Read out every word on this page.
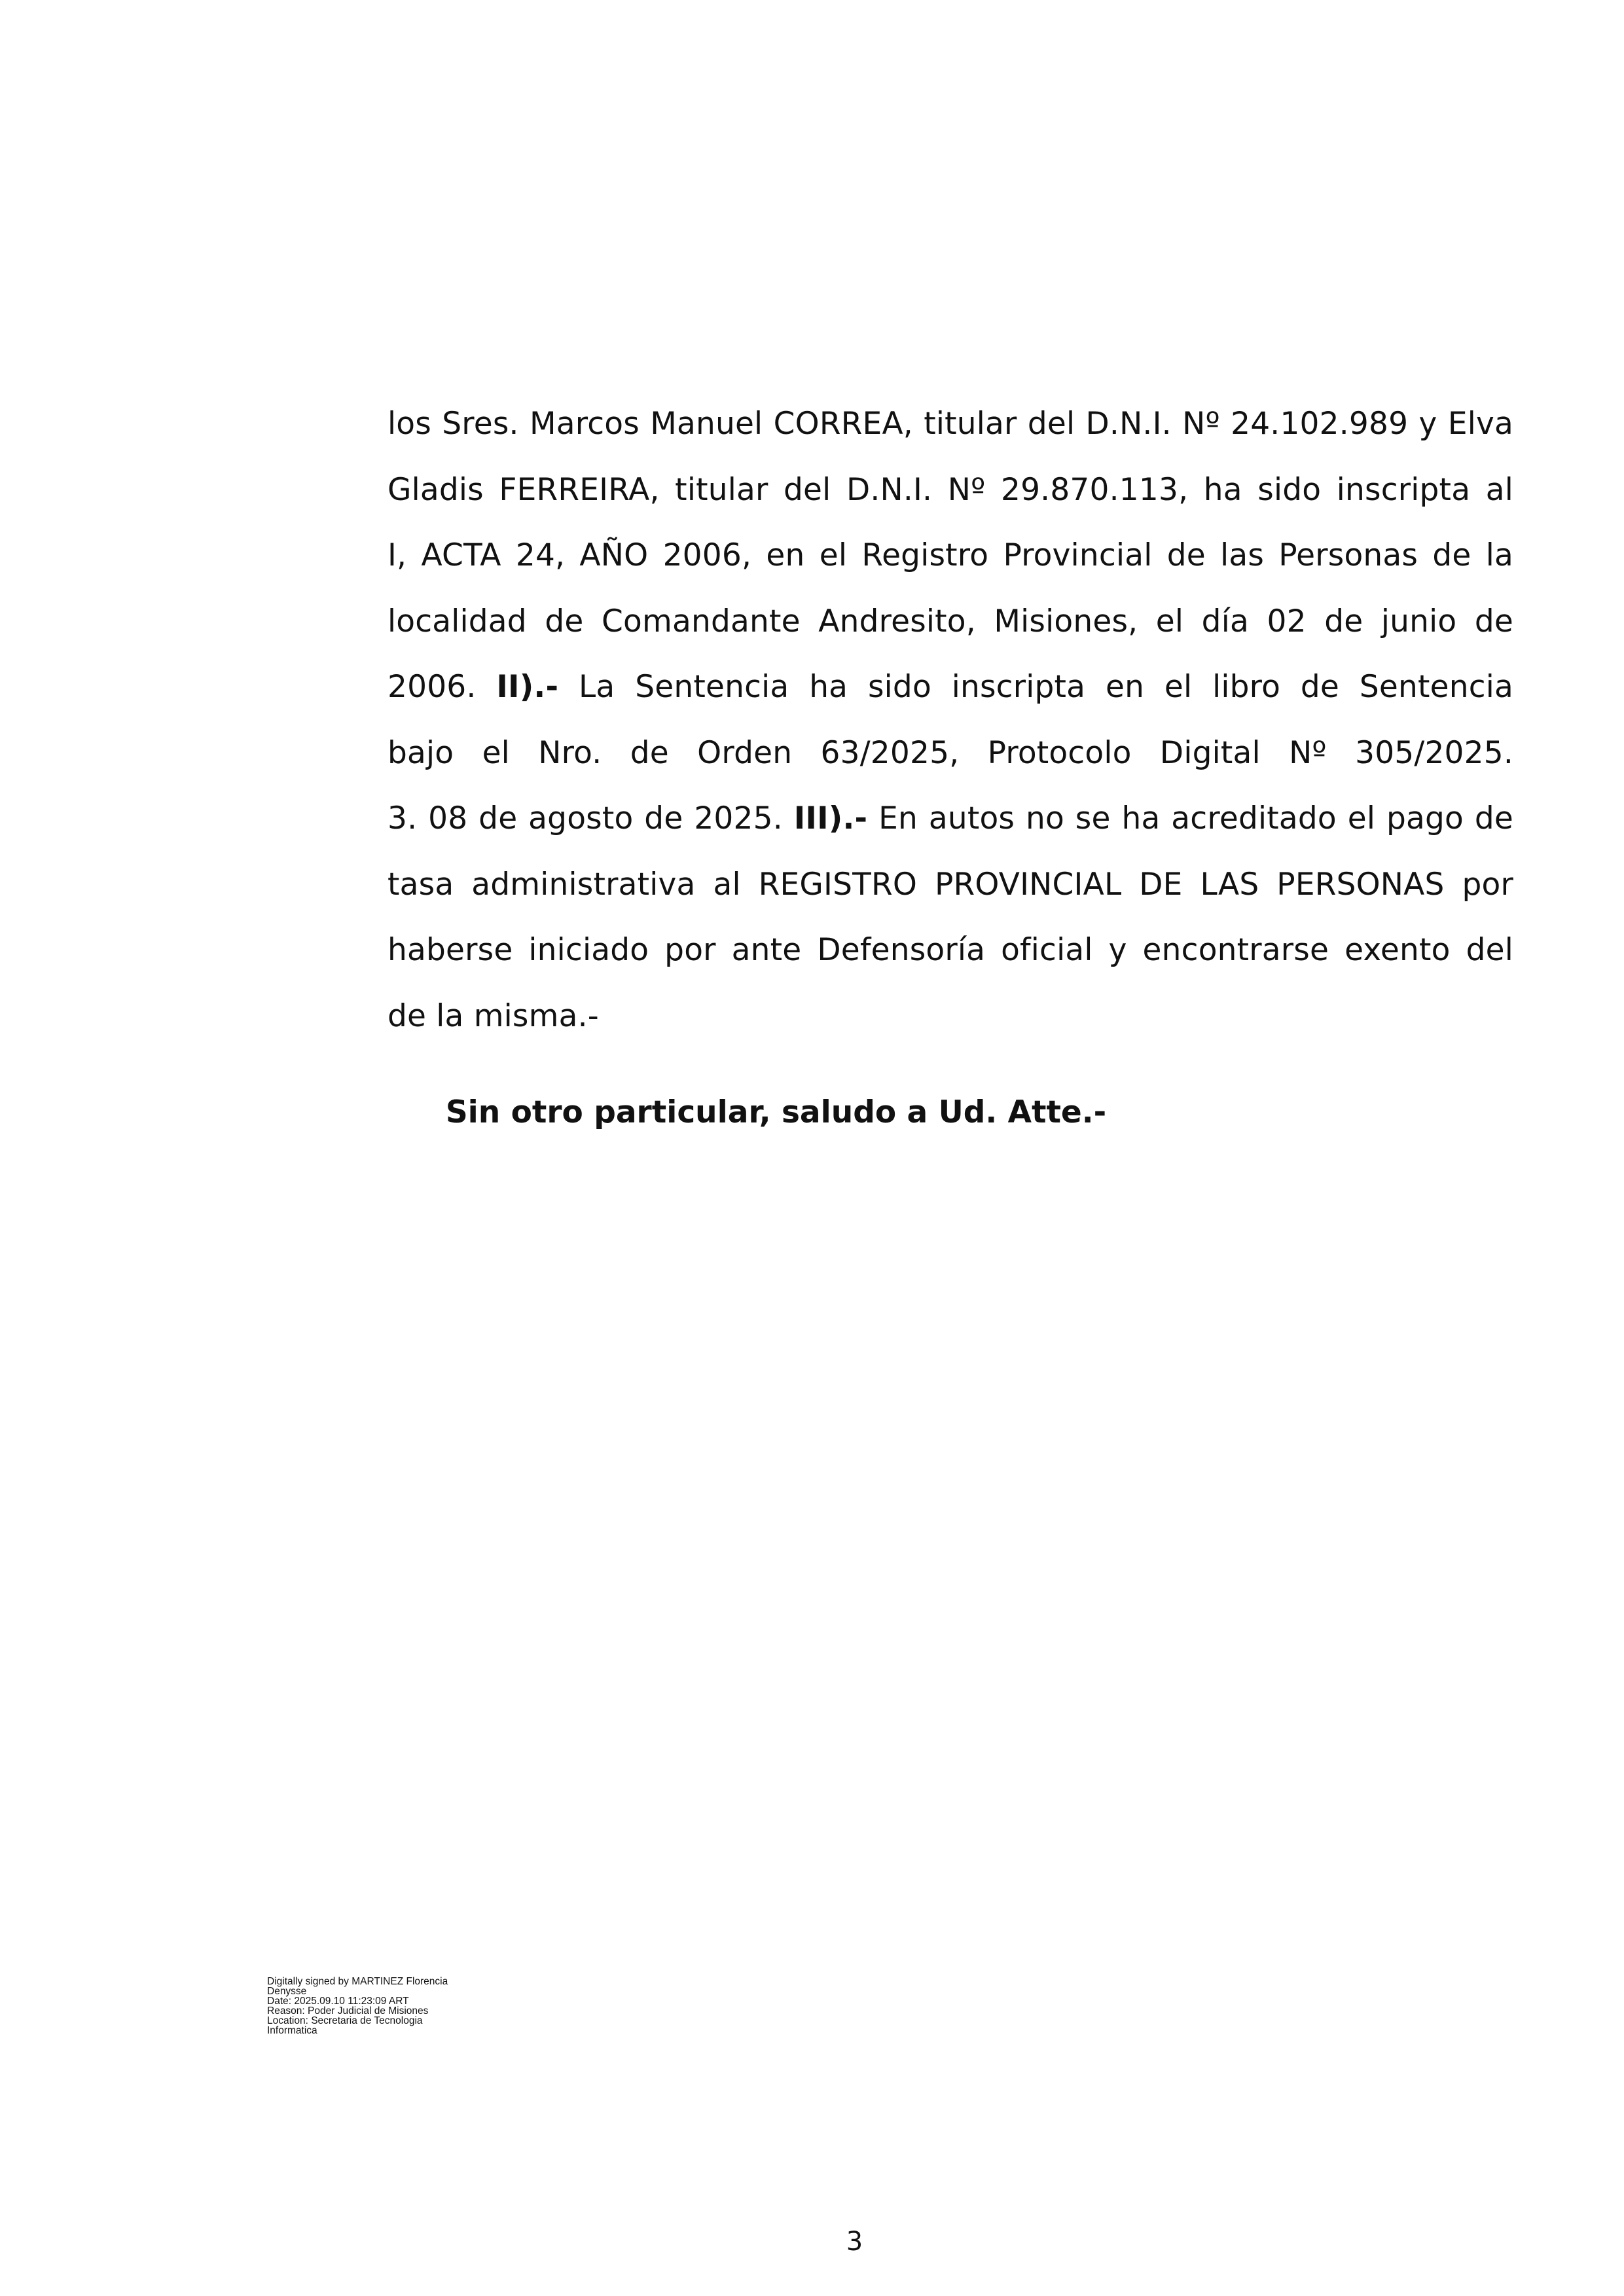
los Sres. Marcos Manuel CORREA, titular del D.N.I. Nº 24.102.989 y Elva
Gladis FERREIRA, titular del D.N.I. Nº 29.870.113, ha sido inscripta al
I, ACTA 24, AÑO 2006, en el Registro Provincial de las Personas de la
localidad de Comandante Andresito, Misiones, el día 02 de junio de
2006. II).- La Sentencia ha sido inscripta en el libro de Sentencia
bajo el Nro. de Orden 63/2025, Protocolo Digital Nº 305/2025.
3. 08 de agosto de 2025. III).- En autos no se ha acreditado el pago de
tasa administrativa al REGISTRO PROVINCIAL DE LAS PERSONAS por
haberse iniciado por ante Defensoría oficial y encontrarse exento del
de la misma.-
Sin otro particular, saludo a Ud. Atte.-
Digitally signed by MARTINEZ Florencia
Denysse
Date: 2025.09.10 11:23:09 ART
Reason: Poder Judicial de Misiones
Location: Secretaria de Tecnologia
Informatica
3
